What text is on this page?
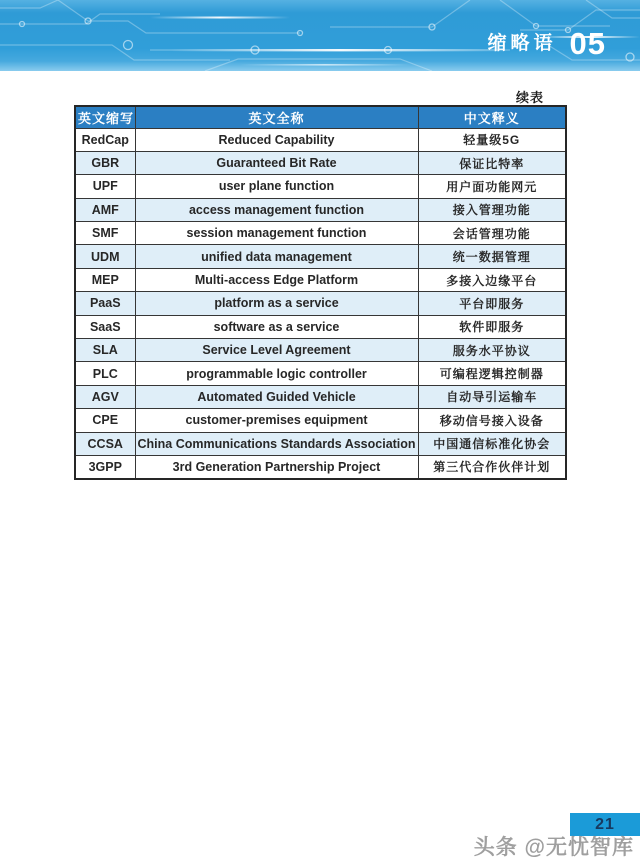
缩略语 05
续表
英文缩写	英文全称	中文释义
RedCap	Reduced Capability	轻量级5G
GBR	Guaranteed Bit Rate	保证比特率
UPF	user plane function	用户面功能网元
AMF	access management function	接入管理功能
SMF	session management function	会话管理功能
UDM	unified data management	统一数据管理
MEP	Multi-access Edge Platform	多接入边缘平台
PaaS	platform as a service	平台即服务
SaaS	software as a service	软件即服务
SLA	Service Level Agreement	服务水平协议
PLC	programmable logic controller	可编程逻辑控制器
AGV	Automated Guided Vehicle	自动导引运输车
CPE	customer-premises equipment	移动信号接入设备
CCSA	China Communications Standards Association	中国通信标准化协会
3GPP	3rd Generation Partnership Project	第三代合作伙伴计划
21
头条 @无忧智库
